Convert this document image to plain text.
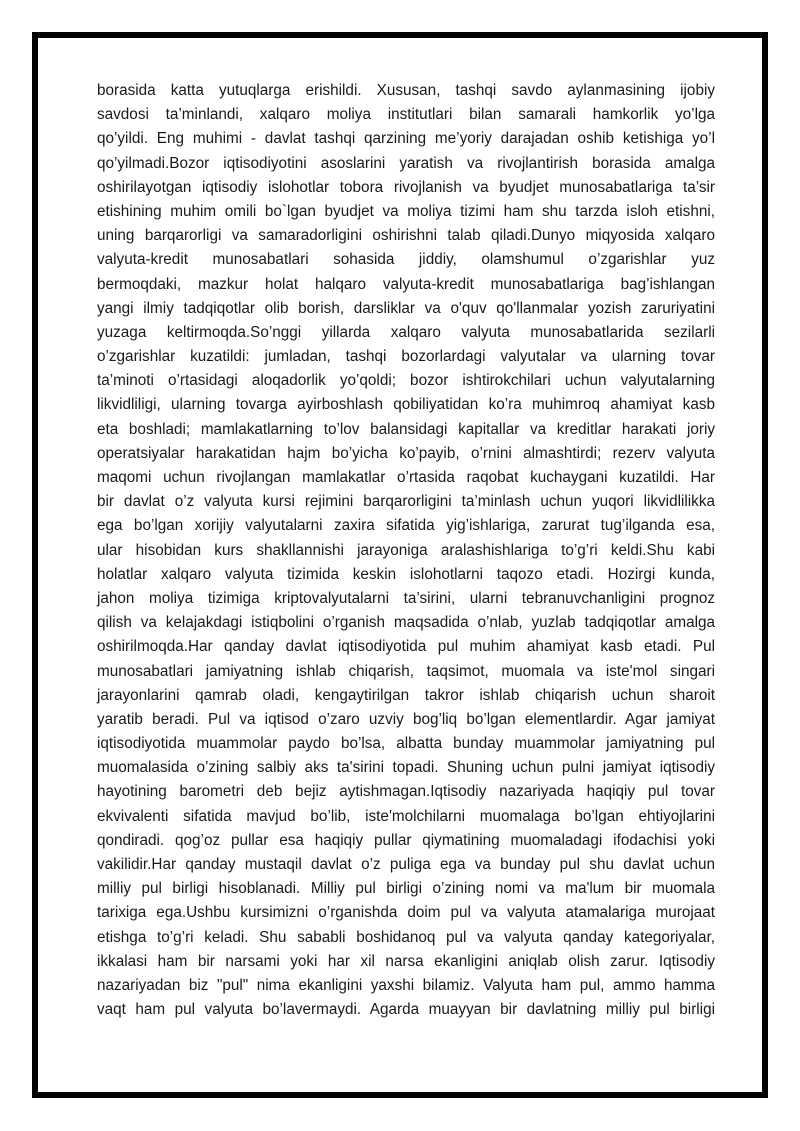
borasida katta yutuqlarga erishildi. Xususan, tashqi savdo aylanmasining ijobiy
savdosi ta’minlandi, xalqaro moliya institutlari bilan samarali hamkorlik yo’lga
qo’yildi. Eng muhimi - davlat tashqi qarzining me’yoriy darajadan oshib ketishiga yo’l
qo’yilmadi.Bozor iqtisodiyotini asoslarini yaratish va rivojlantirish borasida amalga
oshirilayotgan iqtisodiy islohotlar tobora rivojlanish va byudjet munosabatlariga ta’sir
etishining muhim omili bo`lgan byudjet va moliya tizimi ham shu tarzda isloh etishni,
uning barqarorligi va samaradorligini oshirishni talab qiladi.Dunyo miqyosida xalqaro
valyuta-kredit munosabatlari sohasida jiddiy, olamshumul o’zgarishlar yuz
bermoqdaki, mazkur holat halqaro valyuta-kredit munosabatlariga bag’ishlangan
yangi ilmiy tadqiqotlar olib borish, darsliklar va o'quv qo'llanmalar yozish zaruriyatini
yuzaga keltirmoqda.So’nggi yillarda xalqaro valyuta munosabatlarida sezilarli
o’zgarishlar kuzatildi: jumladan, tashqi bozorlardagi valyutalar va ularning tovar
ta’minoti o’rtasidagi aloqadorlik yo’qoldi; bozor ishtirokchilari uchun valyutalarning
likvidliligi, ularning tovarga ayirboshlash qobiliyatidan ko’ra muhimroq ahamiyat kasb
eta boshladi; mamlakatlarning to’lov balansidagi kapitallar va kreditlar harakati joriy
operatsiyalar harakatidan hajm bo’yicha ko’payib, o’rnini almashtirdi; rezerv valyuta
maqomi uchun rivojlangan mamlakatlar o’rtasida raqobat kuchaygani kuzatildi. Har
bir davlat o’z valyuta kursi rejimini barqarorligini ta’minlash uchun yuqori likvidlilikka
ega bo’lgan xorijiy valyutalarni zaxira sifatida yig’ishlariga, zarurat tug’ilganda esa,
ular hisobidan kurs shakllannishi jarayoniga aralashishlariga to’g’ri keldi.Shu kabi
holatlar xalqaro valyuta tizimida keskin islohotlarni taqozo etadi. Hozirgi kunda,
jahon moliya tizimiga kriptovalyutalarni ta’sirini, ularni tebranuvchanligini prognoz
qilish va kelajakdagi istiqbolini o’rganish maqsadida o’nlab, yuzlab tadqiqotlar amalga
oshirilmoqda.Har qanday davlat iqtisodiyotida pul muhim ahamiyat kasb etadi. Pul
munosabatlari jamiyatning ishlab chiqarish, taqsimot, muomala va iste'mol singari
jarayonlarini qamrab oladi, kengaytirilgan takror ishlab chiqarish uchun sharoit
yaratib beradi. Pul va iqtisod o’zaro uzviy bog’liq bo’lgan elementlardir. Agar jamiyat
iqtisodiyotida muammolar paydo bo’lsa, albatta bunday muammolar jamiyatning pul
muomalasida o’zining salbiy aks ta'sirini topadi. Shuning uchun pulni jamiyat iqtisodiy
hayotining barometri deb bejiz aytishmagan.Iqtisodiy nazariyada haqiqiy pul tovar
ekvivalenti sifatida mavjud bo’lib, iste'molchilarni muomalaga bo’lgan ehtiyojlarini
qondiradi. qog’oz pullar esa haqiqiy pullar qiymatining muomaladagi ifodachisi yoki
vakilidir.Har qanday mustaqil davlat o’z puliga ega va bunday pul shu davlat uchun
milliy pul birligi hisoblanadi. Milliy pul birligi o’zining nomi va ma'lum bir muomala
tarixiga ega.Ushbu kursimizni o’rganishda doim pul va valyuta atamalariga murojaat
etishga to’g’ri keladi. Shu sababli boshidanoq pul va valyuta qanday kategoriyalar,
ikkalasi ham bir narsami yoki har xil narsa ekanligini aniqlab olish zarur. Iqtisodiy
nazariyadan biz "pul" nima ekanligini yaxshi bilamiz. Valyuta ham pul, ammo hamma
vaqt ham pul valyuta bo’lavermaydi. Agarda muayyan bir davlatning milliy pul birligi
